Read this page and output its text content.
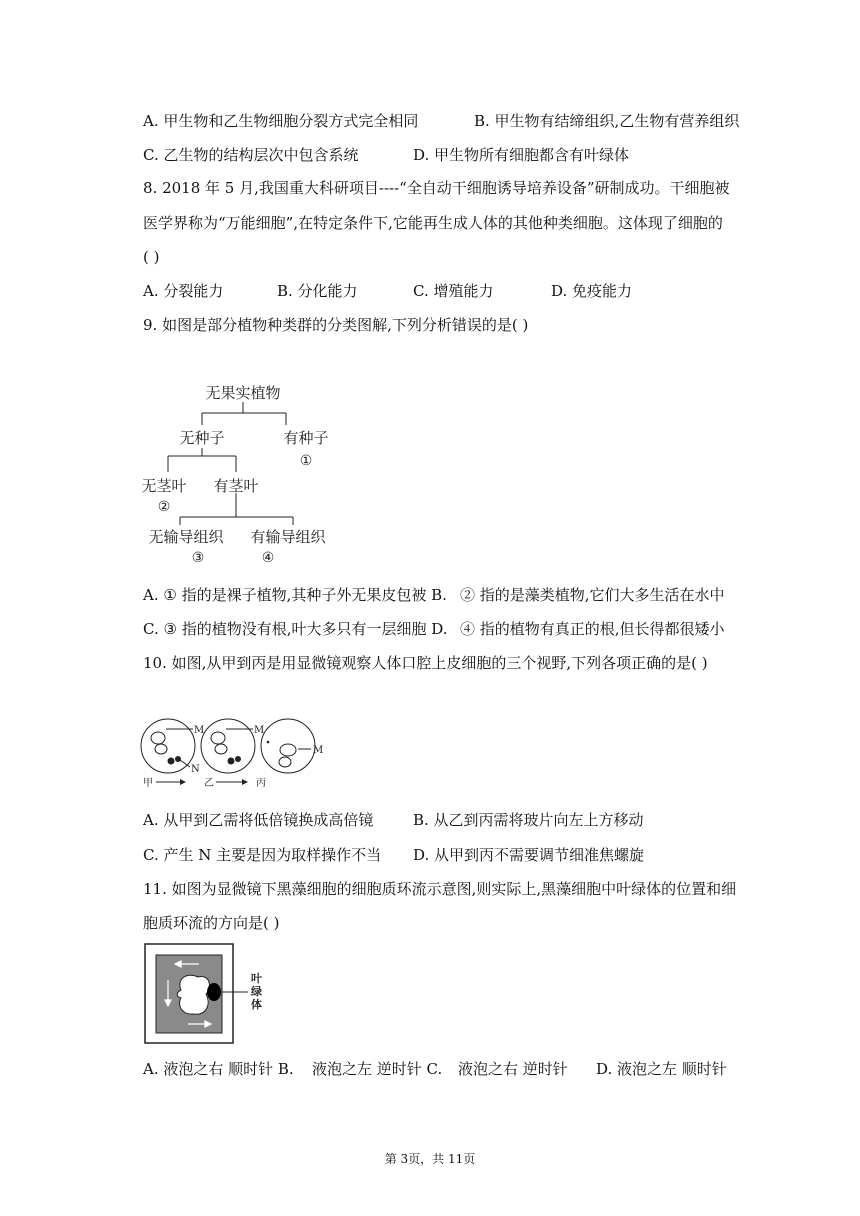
A. 甲生物和乙生物细胞分裂方式完全相同	B. 甲生物有结缔组织,乙生物有营养组织
C. 乙生物的结构层次中包含系统	D. 甲生物所有细胞都含有叶绿体
8. 2018 年 5 月,我国重大科研项目----“全自动干细胞诱导培养设备”研制成功。干细胞被
医学界称为“万能细胞”,在特定条件下,它能再生成人体的其他种类细胞。这体现了细胞的
( )
A. 分裂能力	B. 分化能力	C. 增殖能力	D. 免疫能力
9. 如图是部分植物种类群的分类图解,下列分析错误的是( )
无果实植物
无种子	有种子
①
无茎叶
②
有茎叶
无输导组织
③
有输导组织
④
A. ① 指的是裸子植物,其种子外无果皮包被 B. ② 指的是藻类植物,它们大多生活在水中
C. ③ 指的植物没有根,叶大多只有一层细胞 D. ④ 指的植物有真正的根,但长得都很矮小
10. 如图,从甲到丙是用显微镜观察人体口腔上皮细胞的三个视野,下列各项正确的是( )
M	M
M
N
甲	乙	丙
A. 从甲到乙需将低倍镜换成高倍镜	B. 从乙到丙需将玻片向左上方移动
C. 产生 N 主要是因为取样操作不当 D. 从甲到丙不需要调节细准焦螺旋
11. 如图为显微镜下黑藻细胞的细胞质环流示意图,则实际上,黑藻细胞中叶绿体的位置和细
胞质环流的方向是( )
叶
绿
体
A. 液泡之右 顺时针 B. 液泡之左 逆时针 C. 液泡之右 逆时针 D. 液泡之左 顺时针
第 3页，共 11页
